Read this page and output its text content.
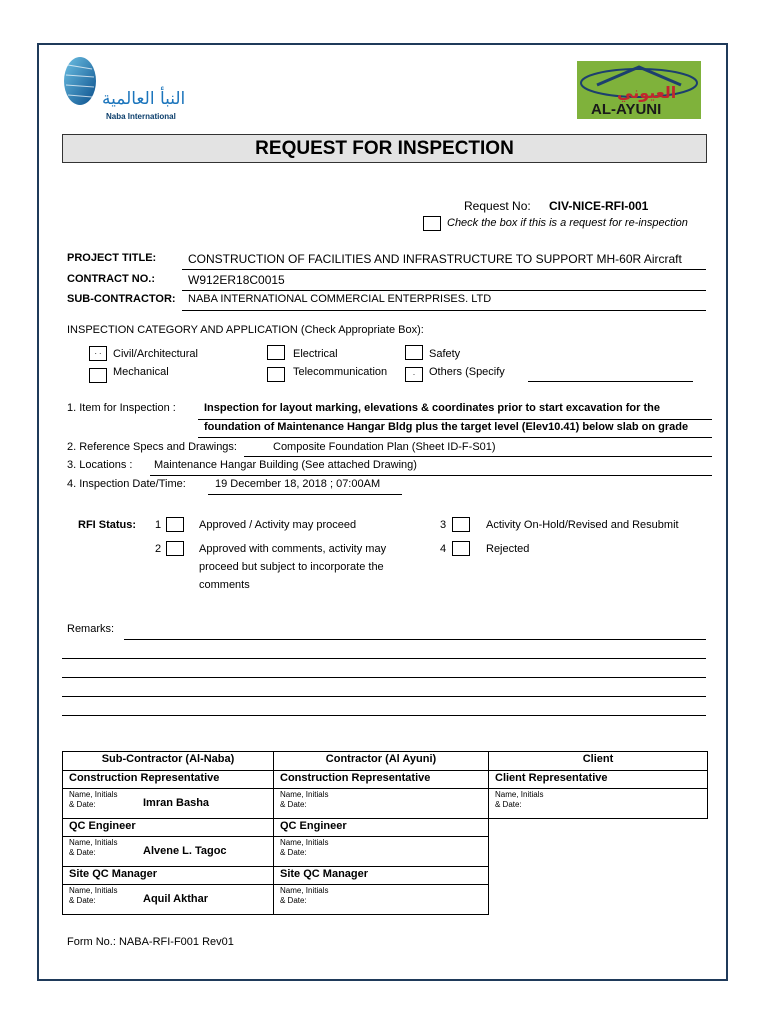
النبأ العالمية
Naba International
العيوني
AL-AYUNI
REQUEST FOR INSPECTION
Request No: CIV-NICE-RFI-001
Check the box if this is a request for re-inspection
PROJECT TITLE:	CONSTRUCTION OF FACILITIES AND INFRASTRUCTURE TO SUPPORT MH-60R Aircraft
CONTRACT NO.:	W912ER18C0015
SUB-CONTRACTOR: NABA INTERNATIONAL COMMERCIAL ENTERPRISES. LTD
INSPECTION CATEGORY AND APPLICATION (Check Appropriate Box):
. .	Civil/Architectural
Mechanical
Electrical
Telecommunication
Safety
.	Others (Specify
1. Item for Inspection :	Inspection for layout marking, elevations & coordinates prior to start excavation for the
foundation of Maintenance Hangar Bldg plus the target level (Elev10.41) below slab on grade
2. Reference Specs and Drawings:	Composite Foundation Plan (Sheet ID-F-S01)
3. Locations : Maintenance Hangar Building (See attached Drawing)
4. Inspection Date/Time:	19 December 18, 2018 ; 07:00AM
RFI Status: 1	Approved / Activity may proceed
2	Approved with comments, activity may
proceed but subject to incorporate the
comments
3	Activity On-Hold/Revised and Resubmit
4	Rejected
Remarks:
Sub-Contractor (Al-Naba)	Contractor (Al Ayuni)	Client
Construction Representative	Construction Representative	Client Representative

Name, Initials
& Date: Imran Basha	Name, Initials
& Date:	Name, Initials
& Date:

QC Engineer	QC Engineer	

Name, Initials
& Date: Alvene L. Tagoc	Name, Initials
& Date:	

Site QC Manager	Site QC Manager	

Name, Initials
& Date: Aquil Akthar	Name, Initials
& Date:	

Form No.: NABA-RFI-F001 Rev01
